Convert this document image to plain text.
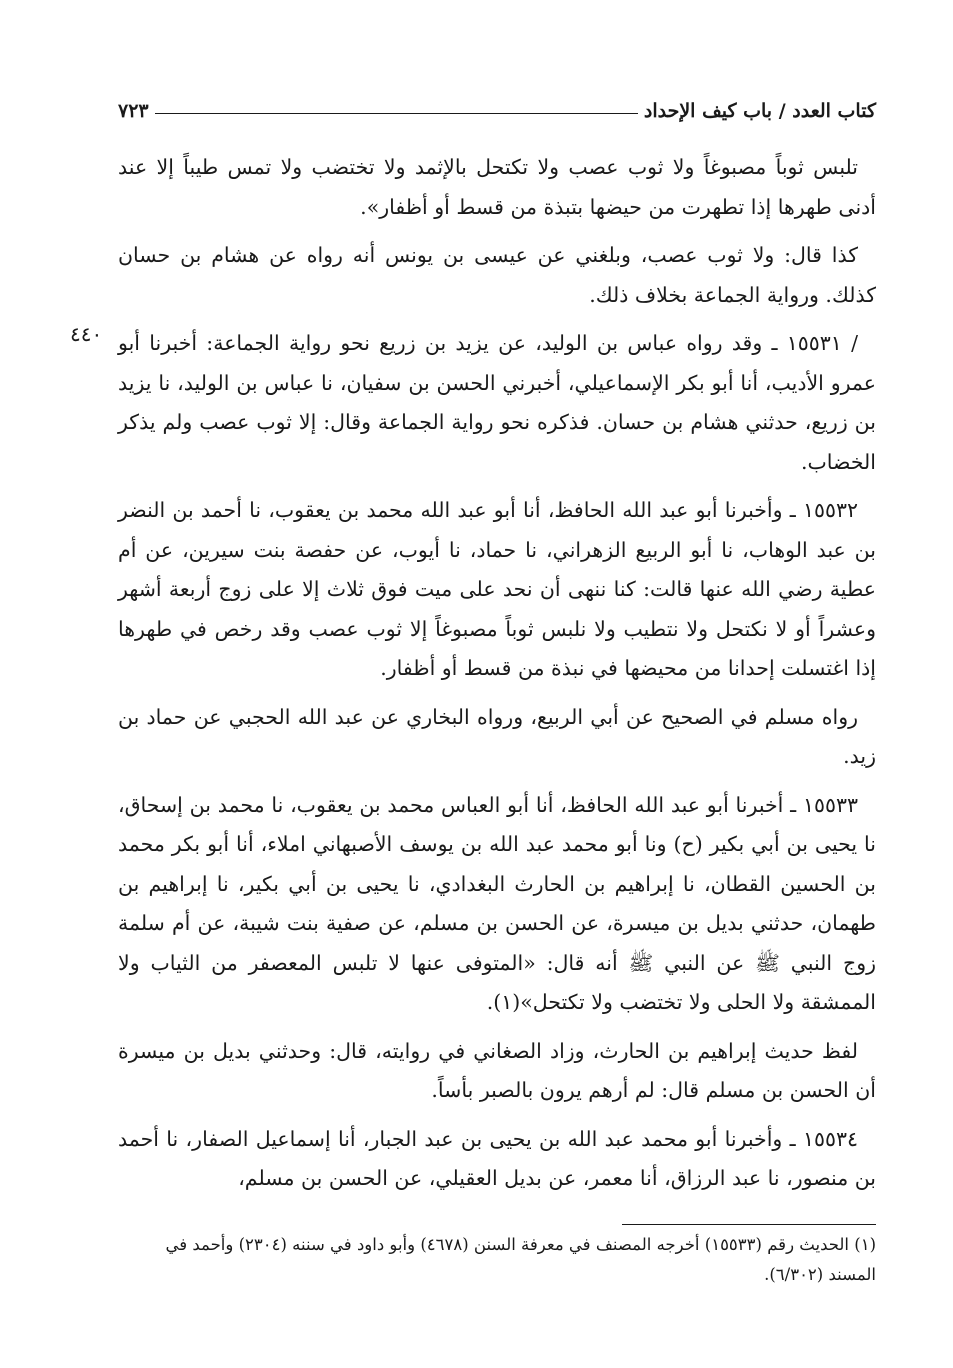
كتاب العدد / باب كيف الإحداد
٧٢٣
٤٤٠

تلبس ثوباً مصبوغاً ولا ثوب عصب ولا تكتحل بالإثمد ولا تختضب ولا تمس طيباً إلا عند أدنى طهرها إذا تطهرت من حيضها بتبذة من قسط أو أظفار».

كذا قال: ولا ثوب عصب، وبلغني عن عيسى بن يونس أنه رواه عن هشام بن حسان كذلك. ورواية الجماعة بخلاف ذلك.

/ ١٥٥٣١ ـ وقد رواه عباس بن الوليد، عن يزيد بن زريع نحو رواية الجماعة: أخبرنا أبو عمرو الأديب، أنا أبو بكر الإسماعيلي، أخبرني الحسن بن سفيان، نا عباس بن الوليد، نا يزيد بن زريع، حدثني هشام بن حسان. فذكره نحو رواية الجماعة وقال: إلا ثوب عصب ولم يذكر الخضاب.

١٥٥٣٢ ـ وأخبرنا أبو عبد الله الحافظ، أنا أبو عبد الله محمد بن يعقوب، نا أحمد بن النضر بن عبد الوهاب، نا أبو الربيع الزهراني، نا حماد، نا أيوب، عن حفصة بنت سيرين، عن أم عطية رضي الله عنها قالت: كنا ننهى أن نحد على ميت فوق ثلاث إلا على زوج أربعة أشهر وعشراً أو لا نكتحل ولا نتطيب ولا نلبس ثوباً مصبوغاً إلا ثوب عصب وقد رخص في طهرها إذا اغتسلت إحدانا من محيضها في نبذة من قسط أو أظفار.

رواه مسلم في الصحيح عن أبي الربيع، ورواه البخاري عن عبد الله الحجبي عن حماد بن زيد.

١٥٥٣٣ ـ أخبرنا أبو عبد الله الحافظ، أنا أبو العباس محمد بن يعقوب، نا محمد بن إسحاق، نا يحيى بن أبي بكير (ح) ونا أبو محمد عبد الله بن يوسف الأصبهاني املاء، أنا أبو بكر محمد بن الحسين القطان، نا إبراهيم بن الحارث البغدادي، نا يحيى بن أبي بكير، نا إبراهيم بن طهمان، حدثني بديل بن ميسرة، عن الحسن بن مسلم، عن صفية بنت شيبة، عن أم سلمة زوج النبي ﷺ عن النبي ﷺ أنه قال: «المتوفى عنها لا تلبس المعصفر من الثياب ولا الممشقة ولا الحلى ولا تختضب ولا تكتحل»(١).

لفظ حديث إبراهيم بن الحارث، وزاد الصغاني في روايته، قال: وحدثني بديل بن ميسرة أن الحسن بن مسلم قال: لم أرهم يرون بالصبر بأساً.

١٥٥٣٤ ـ وأخبرنا أبو محمد عبد الله بن يحيى بن عبد الجبار، أنا إسماعيل الصفار، نا أحمد بن منصور، نا عبد الرزاق، أنا معمر، عن بديل العقيلي، عن الحسن بن مسلم،

(١) الحديث رقم (١٥٥٣٣) أخرجه المصنف في معرفة السنن (٤٦٧٨) وأبو داود في سننه (٢٣٠٤) وأحمد في المسند (٦/٣٠٢).
